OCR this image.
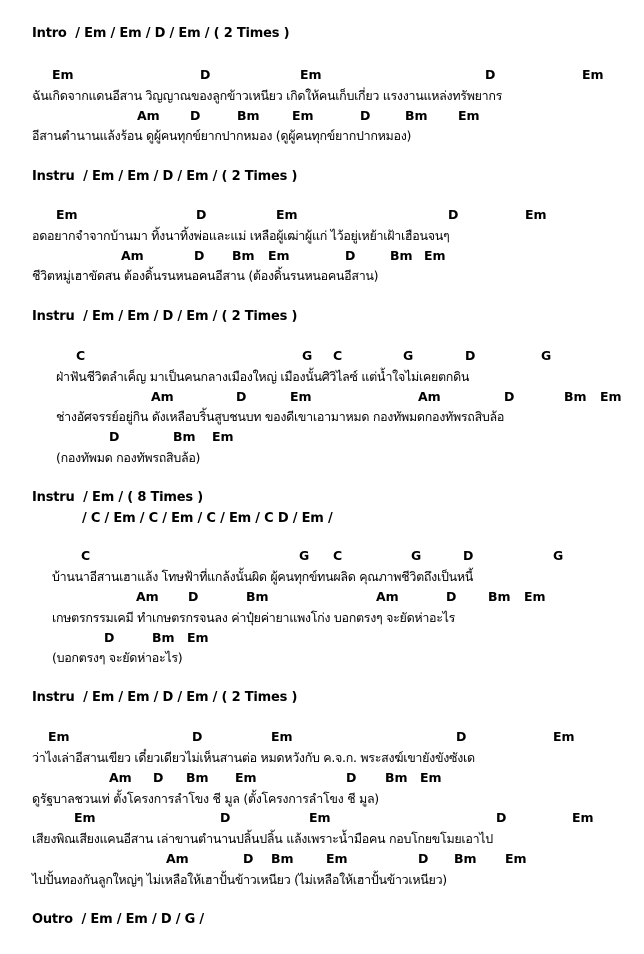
Intro  / Em / Em / D / Em / ( 2 Times )
ฉันเกิดจากแดนอีสาน วิญญาณของลูกข้าวเหนียว เกิดให้คนเก็บเกี่ยว แรงงานแหล่งทรัพยากร
อีสานตำนานแล้งร้อน ดูผู้คนทุกข์ยากปากหมอง (ดูผู้คนทุกข์ยากปากหมอง)
Instru  / Em / Em / D / Em / ( 2 Times )
อดอยากจำจากบ้านมา ทิ้งนาทิ้งพ่อและแม่ เหลือผู้เฒ่าผู้แก่ ไว้อยู่เหย้าเฝ้าเฮือนจนๆ
ชีวิตหมู่เฮาขัดสน ต้องดิ้นรนหนอคนอีสาน (ต้องดิ้นรนหนอคนอีสาน)
Instru  / Em / Em / D / Em / ( 2 Times )
ฝ่าฟันชีวิตลำเค็ญ มาเป็นคนกลางเมืองใหญ่ เมืองนั้นศิวิไลซ์ แต่น้ำใจไม่เคยตกดิน
ช่างอัศจรรย์อยู่กิน ดังเหลือบริ้นสูบชนบท ของดีเขาเอามาหมด กองทัพมดกองทัพรถสิบล้อ
(กองทัพมด กองทัพรถสิบล้อ)
Instru  / Em / ( 8 Times )
/ C / Em / C / Em / C / Em / C D / Em /
บ้านนาอีสานเฮาแล้ง โทษฟ้าที่แกล้งนั้นผิด ผู้คนทุกข์ทนผลิด คุณภาพชีวิตถึงเป็นหนี้
เกษตรกรรมเคมี ทำเกษตรกรจนลง ค่าปุ๋ยค่ายาแพงโก่ง บอกตรงๆ จะยัดห่าอะไร
(บอกตรงๆ จะยัดห่าอะไร)
Instru  / Em / Em / D / Em / ( 2 Times )
ว่าไงเล่าอีสานเขียว เดี๋ยวเดียวไม่เห็นสานต่อ หมดหวังกับ ค.จ.ก. พระสงฆ์เขายังขังซังเด
ดูรัฐบาลชวนเท่ ตั้งโครงการลำโขง ชี มูล (ตั้งโครงการลำโขง ชี มูล)
เสียงพิณเสียงแคนอีสาน เล่าขานตำนานปลิ้นปลิ้น แล้งเพราะน้ำมือคน กอบโกยขโมยเอาไป
ไปปั้นทองกันลูกใหญ่ๆ ไม่เหลือให้เฮาปั้นข้าวเหนียว (ไม่เหลือให้เฮาปั้นข้าวเหนียว)
Outro  / Em / Em / D / G /
Em	D	Em	D	Em
Am D	Bm	Em	D	Bm Em
Em	D	Em	D	Em
Am	D Bm Em	D	Bm Em
C	G C	G	D	G
Am	D	Em	Am	D	Bm Em
D	Bm Em
C	G C	G	D	G
Am D	Bm	Am	D	Bm Em
D	Bm Em
Em	D	Em	D	Em
Am D Bm Em	D Bm Em
Em	D	Em	D	Em
Am	D Bm	Em	D Bm Em
